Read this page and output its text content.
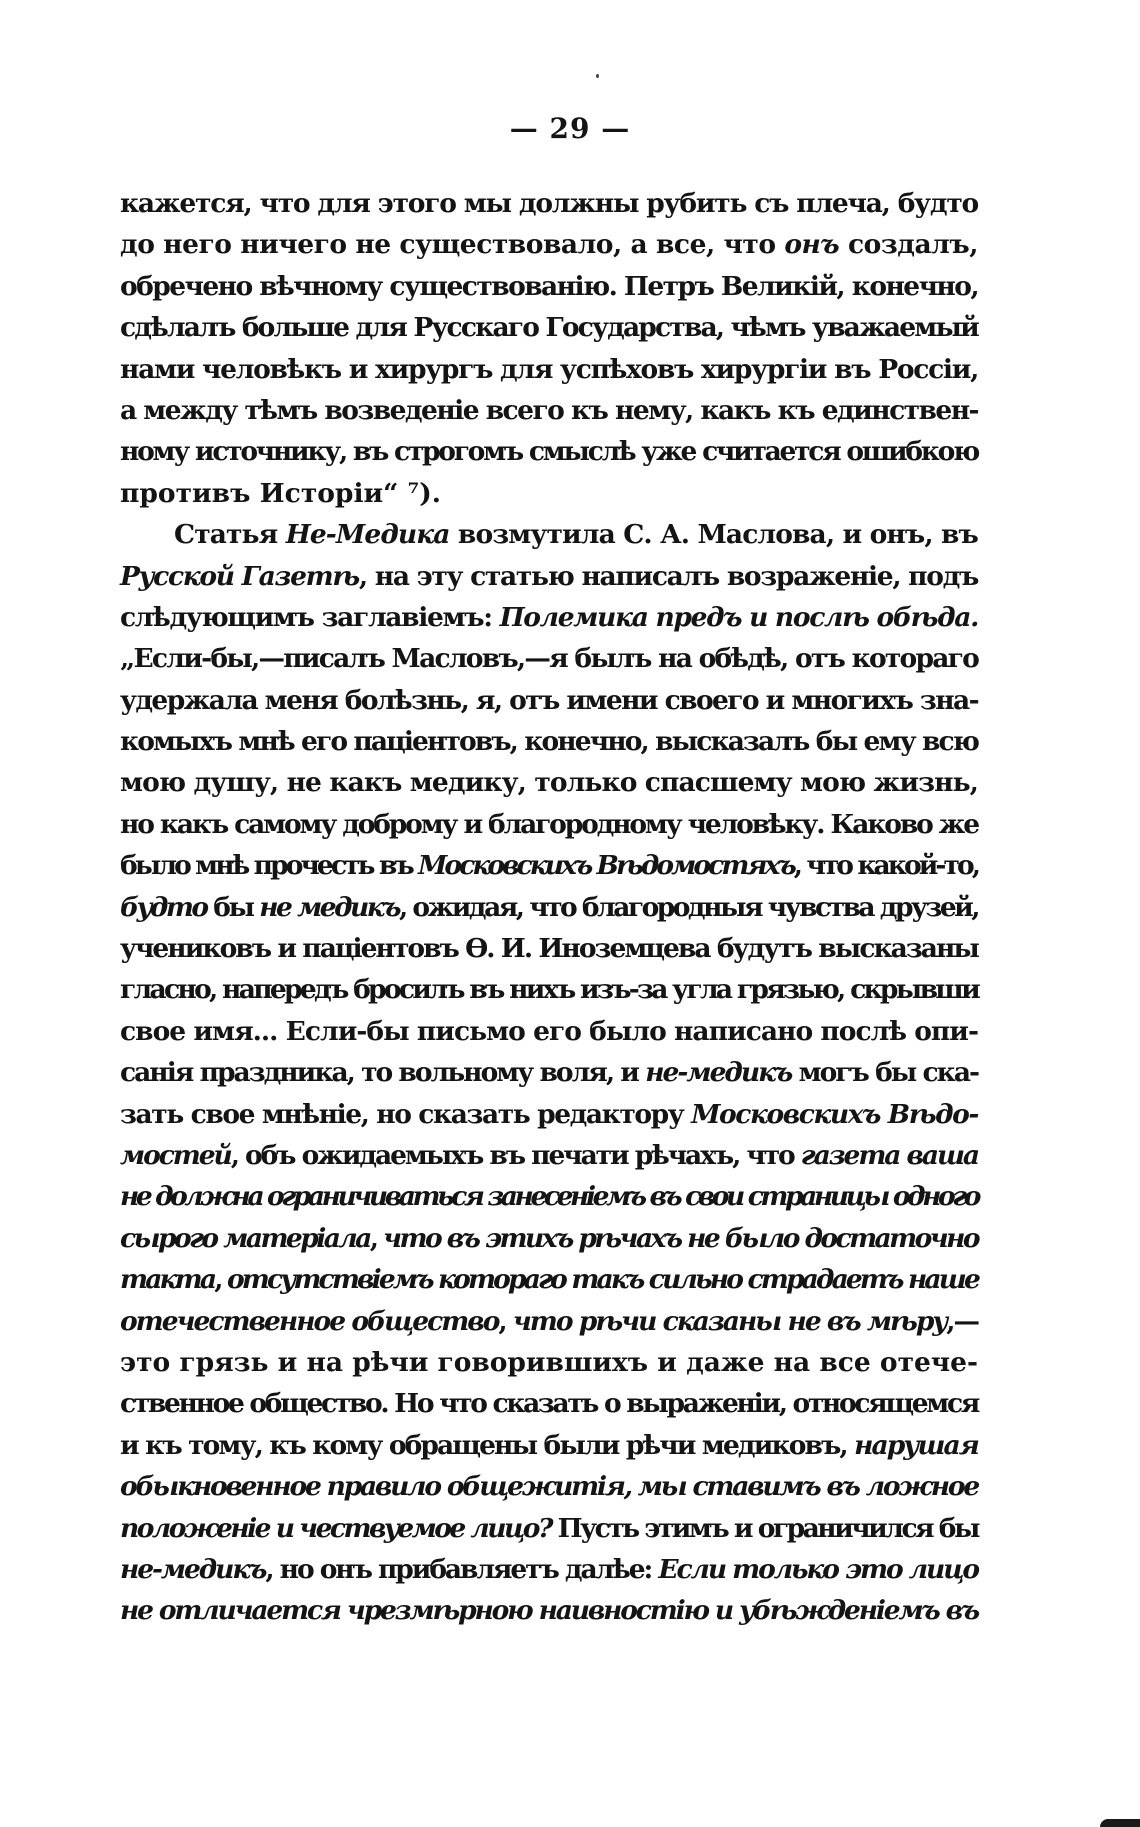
— 29 —
кажется, что для этого мы должны рубить съ плеча, будто
до него ничего не существовало, а все, что онъ создалъ,
обречено вѣчному существованію. Петръ Великій, конечно,
сдѣлалъ больше для Русскаго Государства, чѣмъ уважаемый
нами человѣкъ и хирургъ для успѣховъ хирургіи въ Россіи,
а между тѣмъ возведеніе всего къ нему, какъ къ единствен-
ному источнику, въ строгомъ смыслѣ уже считается ошибкою
противъ Исторіи“ ⁷).
Статья Не-Медика возмутила С. А. Маслова, и онъ, въ
Русской Газетѣ, на эту статью написалъ возраженіе, подъ
слѣдующимъ заглавіемъ: Полемика предъ и послѣ обѣда.
„Если-бы,—писалъ Масловъ,—я былъ на обѣдѣ, отъ котораго
удержала меня болѣзнь, я, отъ имени своего и многихъ зна-
комыхъ мнѣ его паціентовъ, конечно, высказалъ бы ему всю
мою душу, не какъ медику, только спасшему мою жизнь,
но какъ самому доброму и благородному человѣку. Каково же
было мнѣ прочесть въ Московскихъ Вѣдомостяхъ, что какой-то,
будто бы не медикъ, ожидая, что благородныя чувства друзей,
учениковъ и паціентовъ Ѳ. И. Иноземцева будутъ высказаны
гласно, напередъ бросилъ въ нихъ изъ-за угла грязью, скрывши
свое имя... Если-бы письмо его было написано послѣ опи-
санія праздника, то вольному воля, и не-медикъ могъ бы ска-
зать свое мнѣніе, но сказать редактору Московскихъ Вѣдо-
мостей, объ ожидаемыхъ въ печати рѣчахъ, что газета ваша
не должна ограничиваться занесеніемъ въ свои страницы одного
сырого матеріала, что въ этихъ рѣчахъ не было достаточно
такта, отсутствіемъ котораго такъ сильно страдаетъ наше
отечественное общество, что рѣчи сказаны не въ мѣру,—
это грязь и на рѣчи говорившихъ и даже на все отече-
ственное общество. Но что сказать о выраженіи, относящемся
и къ тому, къ кому обращены были рѣчи медиковъ, нарушая
обыкновенное правило общежитія, мы ставимъ въ ложное
положеніе и чествуемое лицо? Пусть этимъ и ограничился бы
не-медикъ, но онъ прибавляетъ далѣе: Если только это лицо
не отличается чрезмѣрною наивностію и убѣжденіемъ въ
